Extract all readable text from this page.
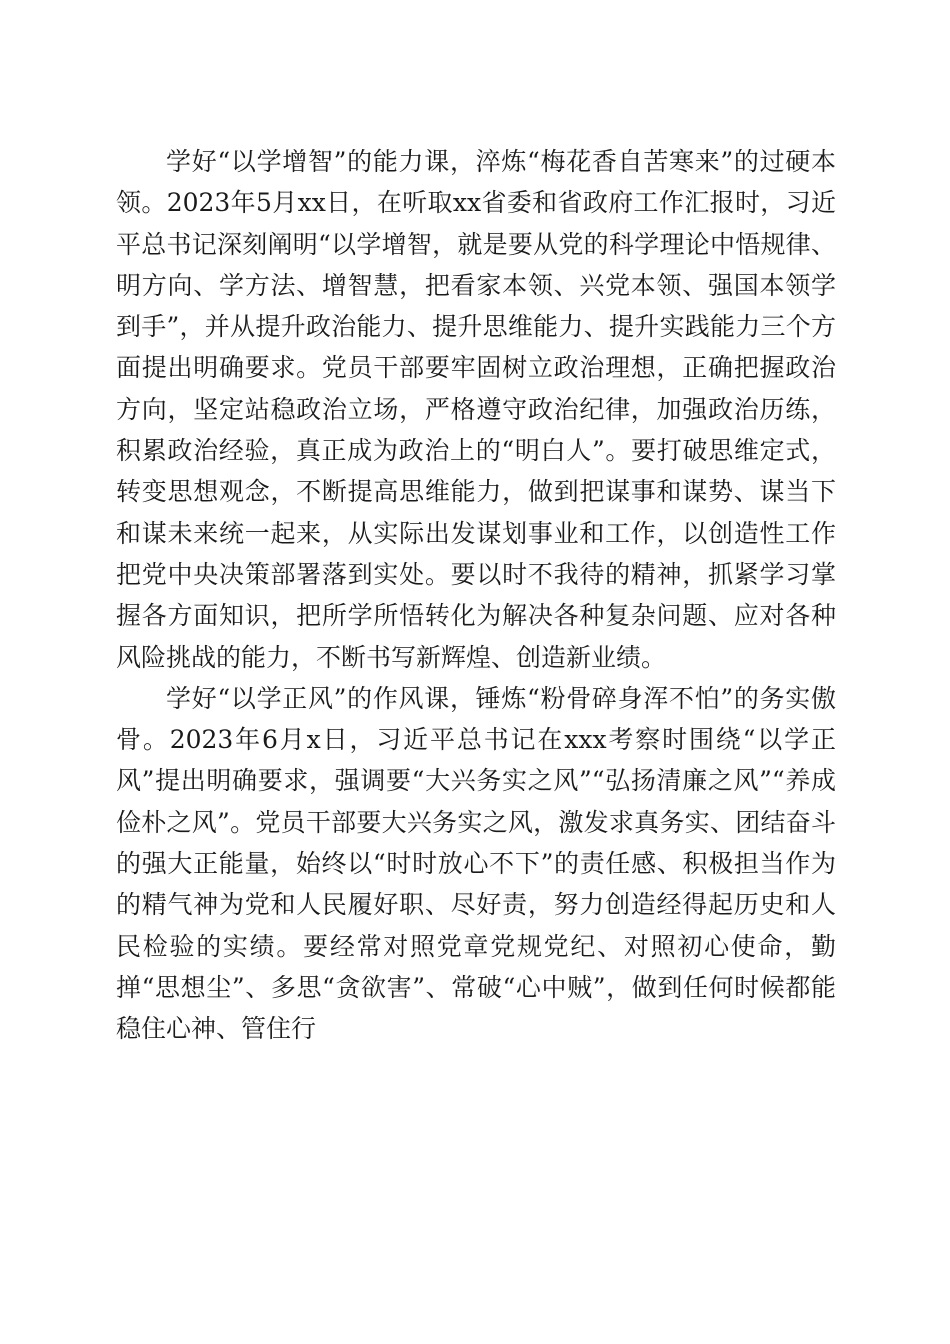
学好“以学增智”的能力课，淬炼“梅花香自苦寒来”的过硬本领。2023年5月xx日，在听取xx省委和省政府工作汇报时，习近平总书记深刻阐明“以学增智，就是要从党的科学理论中悟规律、明方向、学方法、增智慧，把看家本领、兴党本领、强国本领学到手”，并从提升政治能力、提升思维能力、提升实践能力三个方面提出明确要求。党员干部要牢固树立政治理想，正确把握政治方向，坚定站稳政治立场，严格遵守政治纪律，加强政治历练，积累政治经验，真正成为政治上的“明白人”。要打破思维定式，转变思想观念，不断提高思维能力，做到把谋事和谋势、谋当下和谋未来统一起来，从实际出发谋划事业和工作，以创造性工作把党中央决策部署落到实处。要以时不我待的精神，抓紧学习掌握各方面知识，把所学所悟转化为解决各种复杂问题、应对各种风险挑战的能力，不断书写新辉煌、创造新业绩。

学好“以学正风”的作风课，锤炼“粉骨碎身浑不怕”的务实傲骨。2023年6月x日，习近平总书记在xxx考察时围绕“以学正风”提出明确要求，强调要“大兴务实之风”“弘扬清廉之风”“养成俭朴之风”。党员干部要大兴务实之风，激发求真务实、团结奋斗的强大正能量，始终以“时时放心不下”的责任感、积极担当作为的精气神为党和人民履好职、尽好责，努力创造经得起历史和人民检验的实绩。要经常对照党章党规党纪、对照初心使命，勤掸“思想尘”、多思“贪欲害”、常破“心中贼”，做到任何时候都能稳住心神、管住行
